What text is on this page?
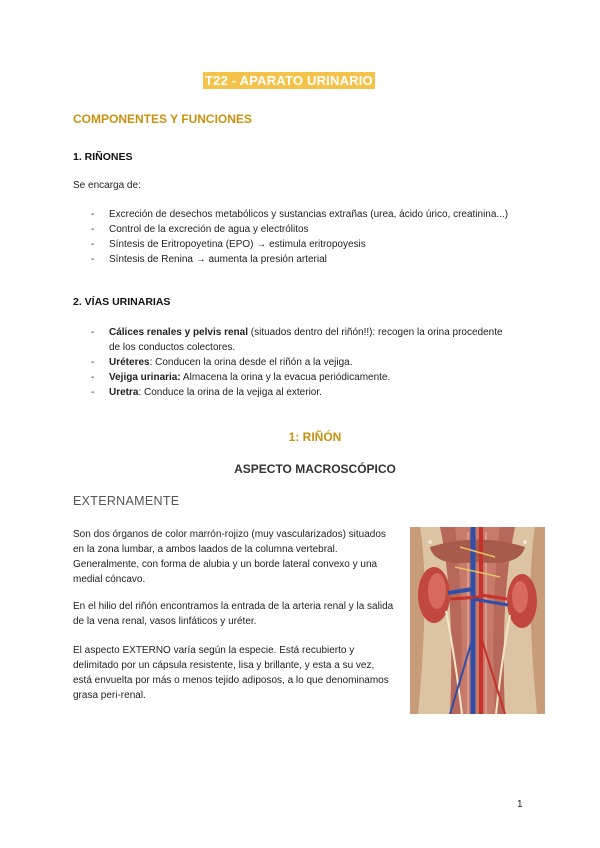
T22 - APARATO URINARIO
COMPONENTES Y FUNCIONES
1. RIÑONES
Se encarga de:
- Excreción de desechos metabólicos y sustancias extrañas (urea, ácido úrico, creatinina...)
- Control de la excreción de agua y electrólitos
- Síntesis de Eritropoyetina (EPO) → estimula eritropoyesis
- Síntesis de Renina → aumenta la presión arterial
2. VÍAS URINARIAS
- Cálices renales y pelvis renal (situados dentro del riñón!!): recogen la orina procedente de los conductos colectores.
- Uréteres: Conducen la orina desde el riñón a la vejiga.
- Vejiga urinaria: Almacena la orina y la evacua periódicamente.
- Uretra: Conduce la orina de la vejiga al exterior.
1: RIÑÓN
ASPECTO MACROSCÓPICO
EXTERNAMENTE
Son dos órganos de color marrón-rojizo (muy vascularizados) situados en la zona lumbar, a ambos laados de la columna vertebral. Generalmente, con forma de alubia y un borde lateral convexo y una medial cóncavo.
En el hilio del riñón encontramos la entrada de la arteria renal y la salida de la vena renal, vasos linfáticos y uréter.
El aspecto EXTERNO varía según la especie. Está recubierto y delimitado por un cápsula resistente, lisa y brillante, y esta a su vez, está envuelta por más o menos tejido adiposos, a lo que denominamos grasa peri-renal.
1
